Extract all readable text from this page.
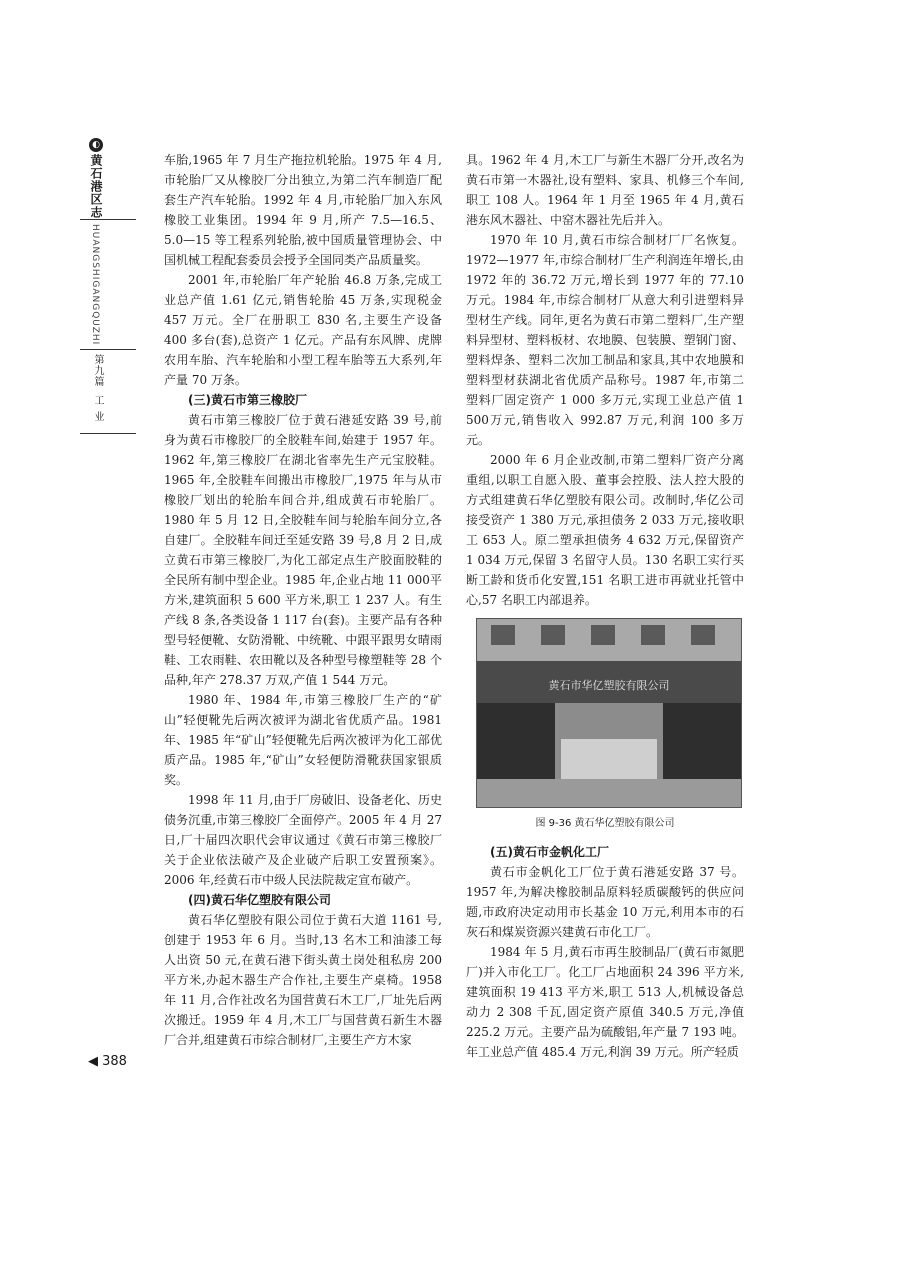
◐
黄石港区志
HUANGSHIGANGQUZHI
第九篇
工业

车胎,1965 年 7 月生产拖拉机轮胎。1975 年 4 月,市轮胎厂又从橡胶厂分出独立,为第二汽车制造厂配套生产汽车轮胎。1992 年 4 月,市轮胎厂加入东风橡胶工业集团。1994 年 9 月,所产 7.5—16.5、5.0—15 等工程系列轮胎,被中国质量管理协会、中国机械工程配套委员会授予全国同类产品质量奖。

2001 年,市轮胎厂年产轮胎 46.8 万条,完成工业总产值 1.61 亿元,销售轮胎 45 万条,实现税金 457 万元。全厂在册职工 830 名,主要生产设备 400 多台(套),总资产 1 亿元。产品有东风牌、虎牌农用车胎、汽车轮胎和小型工程车胎等五大系列,年产量 70 万条。

(三)黄石市第三橡胶厂

黄石市第三橡胶厂位于黄石港延安路 39 号,前身为黄石市橡胶厂的全胶鞋车间,始建于 1957 年。1962 年,第三橡胶厂在湖北省率先生产元宝胶鞋。1965 年,全胶鞋车间搬出市橡胶厂,1975 年与从市橡胶厂划出的轮胎车间合并,组成黄石市轮胎厂。1980 年 5 月 12 日,全胶鞋车间与轮胎车间分立,各自建厂。全胶鞋车间迁至延安路 39 号,8 月 2 日,成立黄石市第三橡胶厂,为化工部定点生产胶面胶鞋的全民所有制中型企业。1985 年,企业占地 11 000平方米,建筑面积 5 600 平方米,职工 1 237 人。有生产线 8 条,各类设备 1 117 台(套)。主要产品有各种型号轻便靴、女防滑靴、中统靴、中跟平跟男女晴雨鞋、工农雨鞋、农田靴以及各种型号橡塑鞋等 28 个品种,年产 278.37 万双,产值 1 544 万元。

1980 年、1984 年,市第三橡胶厂生产的“矿山”轻便靴先后两次被评为湖北省优质产品。1981 年、1985 年“矿山”轻便靴先后两次被评为化工部优质产品。1985 年,“矿山”女轻便防滑靴获国家银质奖。

1998 年 11 月,由于厂房破旧、设备老化、历史债务沉重,市第三橡胶厂全面停产。2005 年 4 月 27 日,厂十届四次职代会审议通过《黄石市第三橡胶厂关于企业依法破产及企业破产后职工安置预案》。2006 年,经黄石市中级人民法院裁定宣布破产。

(四)黄石华亿塑胶有限公司

黄石华亿塑胶有限公司位于黄石大道 1161 号,创建于 1953 年 6 月。当时,13 名木工和油漆工每人出资 50 元,在黄石港下街头黄土岗处租私房 200 平方米,办起木器生产合作社,主要生产桌椅。1958 年 11 月,合作社改名为国营黄石木工厂,厂址先后两次搬迁。1959 年 4 月,木工厂与国营黄石新生木器厂合并,组建黄石市综合制材厂,主要生产方木家

具。1962 年 4 月,木工厂与新生木器厂分开,改名为黄石市第一木器社,设有塑料、家具、机修三个车间,职工 108 人。1964 年 1 月至 1965 年 4 月,黄石港东风木器社、中窑木器社先后并入。

1970 年 10 月,黄石市综合制材厂厂名恢复。1972—1977 年,市综合制材厂生产利润连年增长,由 1972 年的 36.72 万元,增长到 1977 年的 77.10 万元。1984 年,市综合制材厂从意大利引进塑料异型材生产线。同年,更名为黄石市第二塑料厂,生产塑料异型材、塑料板材、农地膜、包装膜、塑钢门窗、塑料焊条、塑料二次加工制品和家具,其中农地膜和塑料型材获湖北省优质产品称号。1987 年,市第二塑料厂固定资产 1 000 多万元,实现工业总产值 1 500万元,销售收入 992.87 万元,利润 100 多万元。

2000 年 6 月企业改制,市第二塑料厂资产分离重组,以职工自愿入股、董事会控股、法人控大股的方式组建黄石华亿塑胶有限公司。改制时,华亿公司接受资产 1 380 万元,承担债务 2 033 万元,接收职工 653 人。原二塑承担债务 4 632 万元,保留资产 1 034 万元,保留 3 名留守人员。130 名职工实行买断工龄和货币化安置,151 名职工进市再就业托管中心,57 名职工内部退养。

黄石市华亿塑胶有限公司
图 9-36 黄石华亿塑胶有限公司
(五)黄石市金帆化工厂

黄石市金帆化工厂位于黄石港延安路 37 号。1957 年,为解决橡胶制品原料轻质碳酸钙的供应问题,市政府决定动用市长基金 10 万元,利用本市的石灰石和煤炭资源兴建黄石市化工厂。

1984 年 5 月,黄石市再生胶制品厂(黄石市氮肥厂)并入市化工厂。化工厂占地面积 24 396 平方米,建筑面积 19 413 平方米,职工 513 人,机械设备总动力 2 308 千瓦,固定资产原值 340.5 万元,净值 225.2 万元。主要产品为硫酸铝,年产量 7 193 吨。年工业总产值 485.4 万元,利润 39 万元。所产轻质

◀ 388
